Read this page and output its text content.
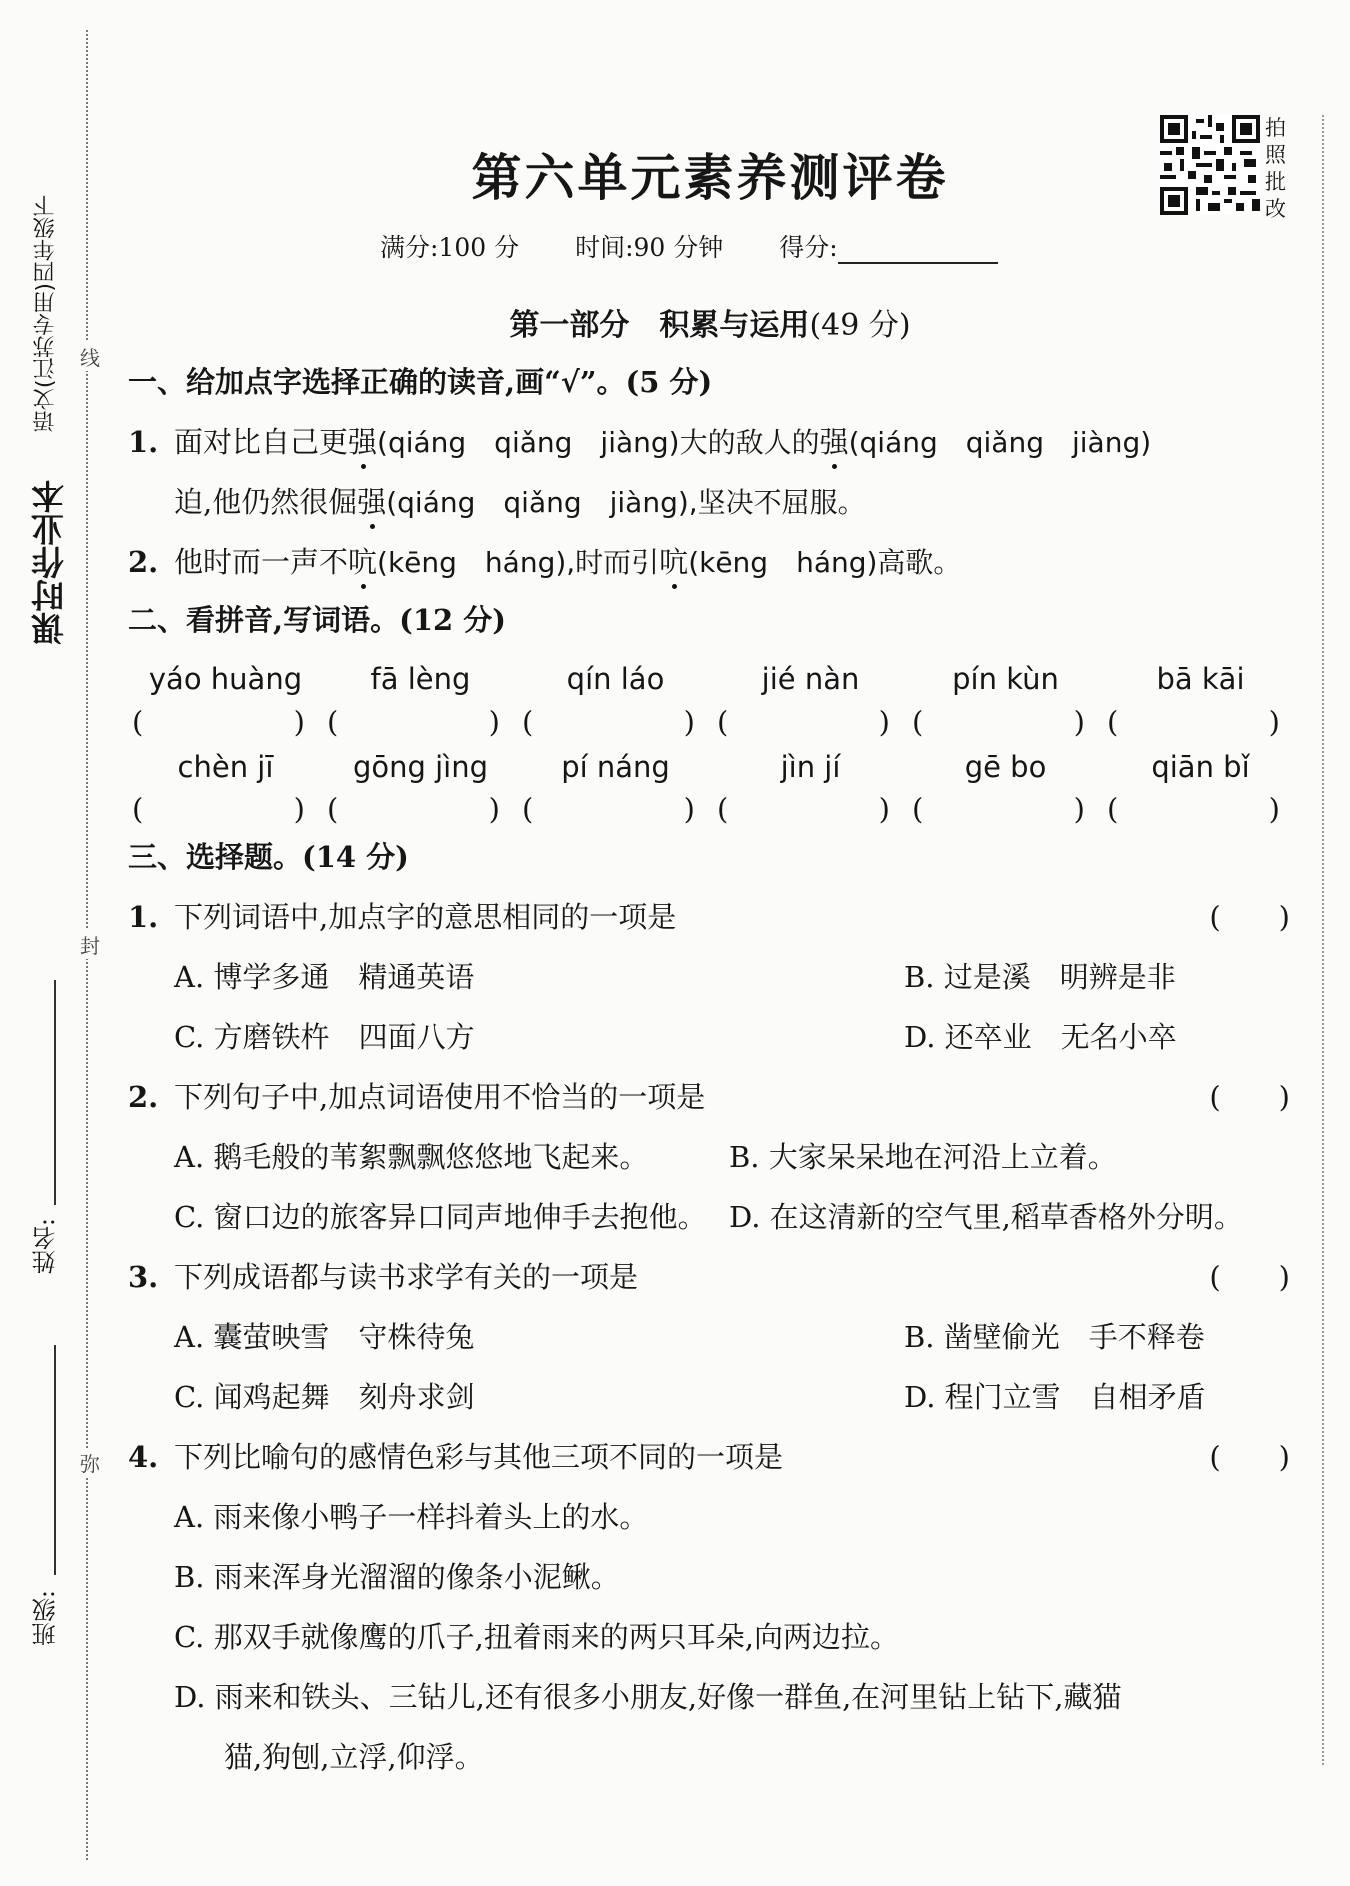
课时作业本
语文(江苏专用)四年级下 线
封
弥
姓名:
班级:
第六单元素养测评卷
拍照批改
满分:100 分 时间:90 分钟 得分:
第一部分　积累与运用(49 分)
一、给加点字选择正确的读音,画“√”。(5 分)
1. 面对比自己更强(qiáng　qiǎng　jiàng)大的敌人的强(qiáng　qiǎng　jiàng)
迫,他仍然很倔强(qiáng　qiǎng　jiàng),坚决不屈服。
2. 他时而一声不吭(kēng　háng),时而引吭(kēng　háng)高歌。
二、看拼音,写词语。(12 分)
yáo huàng	fā lèng	qín láo	jié nàn	pín kùn	bā kāi
(	) (	) (	) (	) (	) (	)
chèn jī	gōng jìng	pí náng	jìn jí	gē bo	qiān bǐ
(	) (	) (	) (	) (	) (	)
三、选择题。(14 分)
1. 下列词语中,加点字的意思相同的一项是	(　　)
A. 博学多通　精通英语	B. 过是溪　明辨是非
C. 方磨铁杵　四面八方	D. 还卒业　无名小卒
2. 下列句子中,加点词语使用不恰当的一项是	(　　)
A. 鹅毛般的苇絮飘飘悠悠地飞起来。	B. 大家呆呆地在河沿上立着。
C. 窗口边的旅客异口同声地伸手去抱他。 D. 在这清新的空气里,稻草香格外分明。
3. 下列成语都与读书求学有关的一项是	(　　)
A. 囊萤映雪　守株待兔	B. 凿壁偷光　手不释卷
C. 闻鸡起舞　刻舟求剑	D. 程门立雪　自相矛盾
4. 下列比喻句的感情色彩与其他三项不同的一项是	(　　)
A. 雨来像小鸭子一样抖着头上的水。
B. 雨来浑身光溜溜的像条小泥鳅。
C. 那双手就像鹰的爪子,扭着雨来的两只耳朵,向两边拉。
D. 雨来和铁头、三钻儿,还有很多小朋友,好像一群鱼,在河里钻上钻下,藏猫
猫,狗刨,立浮,仰浮。
